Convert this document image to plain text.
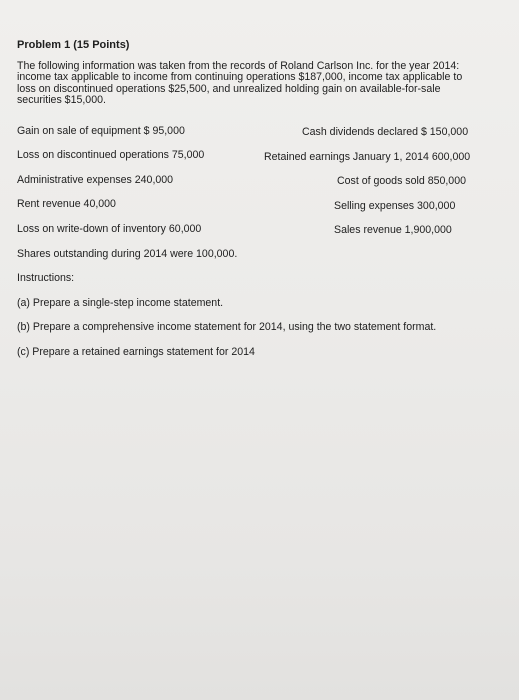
Problem 1 (15 Points)
The following information was taken from the records of Roland Carlson Inc. for the year 2014:
income tax applicable to income from continuing operations $187,000, income tax applicable to
loss on discontinued operations $25,500, and unrealized holding gain on available-for-sale
securities $15,000.
Gain on sale of equipment $ 95,000
Loss on discontinued operations 75,000
Administrative expenses 240,000
Rent revenue 40,000
Loss on write-down of inventory 60,000
Cash dividends declared $ 150,000
Retained earnings January 1, 2014 600,000
Cost of goods sold 850,000
Selling expenses 300,000
Sales revenue 1,900,000
Shares outstanding during 2014 were 100,000.
Instructions:
(a) Prepare a single-step income statement.
(b) Prepare a comprehensive income statement for 2014, using the two statement format.
(c) Prepare a retained earnings statement for 2014
